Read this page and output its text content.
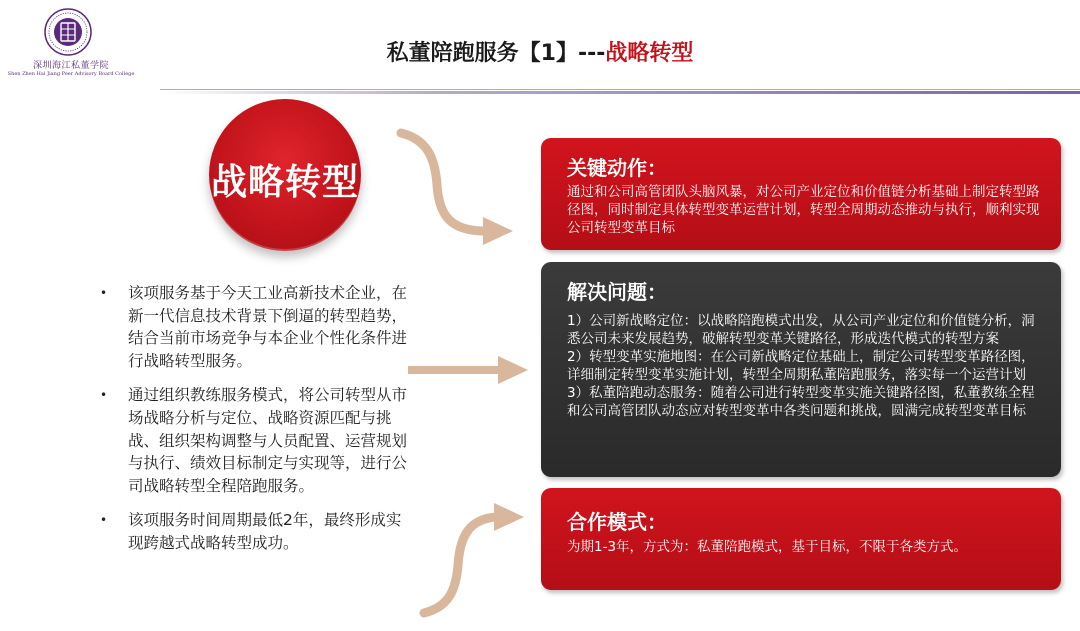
深圳海江私董学院
Shen Zhen Hai Jiang Peer Advisory Board College
私董陪跑服务【1】---战略转型
战略转型
•	该项服务基于今天工业高新技术企业，在新一代信息技术背景下倒逼的转型趋势，结合当前市场竞争与本企业个性化条件进行战略转型服务。
•	通过组织教练服务模式，将公司转型从市场战略分析与定位、战略资源匹配与挑战、组织架构调整与人员配置、运营规划与执行、绩效目标制定与实现等，进行公司战略转型全程陪跑服务。
•	该项服务时间周期最低2年，最终形成实现跨越式战略转型成功。
关键动作：
通过和公司高管团队头脑风暴，对公司产业定位和价值链分析基础上制定转型路径图，同时制定具体转型变革运营计划，转型全周期动态推动与执行，顺利实现公司转型变革目标
解决问题：
1）公司新战略定位：以战略陪跑模式出发，从公司产业定位和价值链分析，洞悉公司未来发展趋势，破解转型变革关键路径，形成迭代模式的转型方案
2）转型变革实施地图：在公司新战略定位基础上，制定公司转型变革路径图，详细制定转型变革实施计划，转型全周期私董陪跑服务，落实每一个运营计划
3）私董陪跑动态服务：随着公司进行转型变革实施关键路径图，私董教练全程和公司高管团队动态应对转型变革中各类问题和挑战，圆满完成转型变革目标
合作模式：
为期1-3年，方式为：私董陪跑模式，基于目标，不限于各类方式。
